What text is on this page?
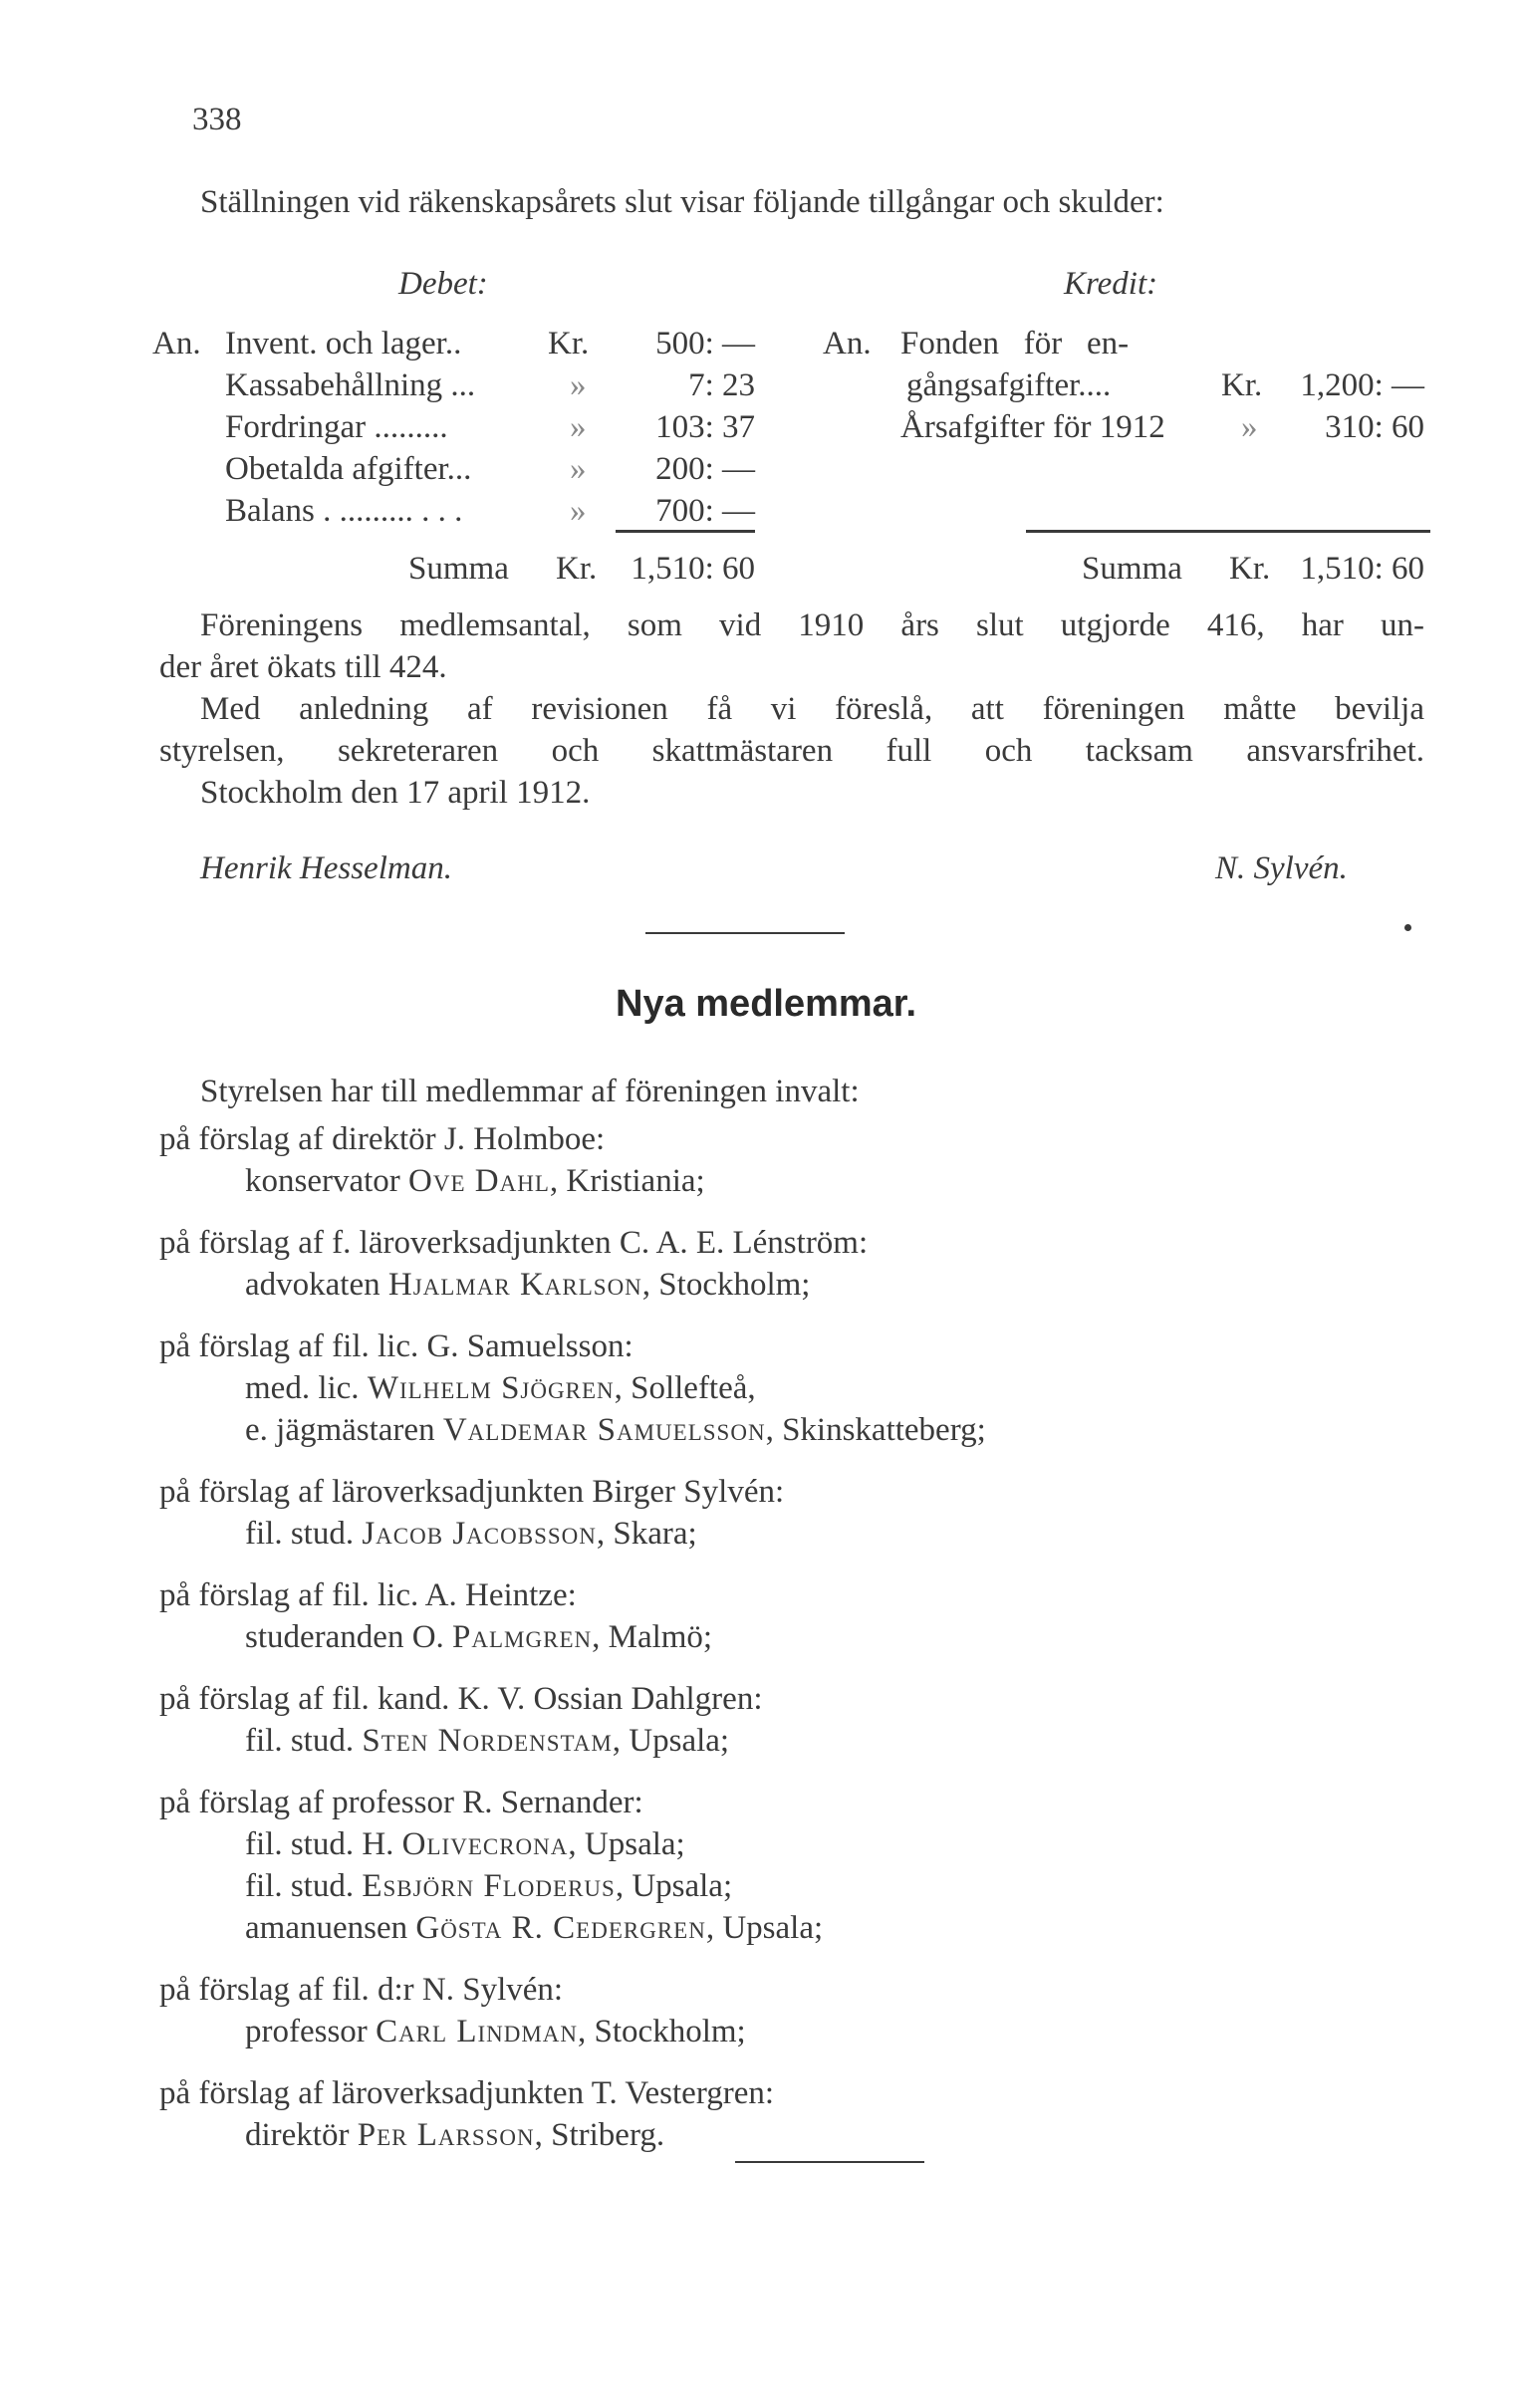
338
Ställningen vid räkenskapsårets slut visar följande tillgångar och skulder:
Debet:
An. Invent. och lager..	Kr.	500: —
Kassabehållning ...	»	7: 23
Fordringar .........	»	103: 37
Obetalda afgifter...	»	200: —
Balans . ......... . . .	»	700: —
Kredit:
An. Fonden   för   en-
gångsafgifter....	Kr.	1,200: —
Årsafgifter för 1912 »	310: 60
Summa Kr.	1,510: 60	Summa Kr. 1,510: 60
Föreningens medlemsantal, som vid 1910 års slut utgjorde 416, har un-
der året ökats till 424.
Med anledning af revisionen få vi föreslå, att föreningen måtte bevilja
styrelsen, sekreteraren och skattmästaren full och tacksam ansvarsfrihet.
Stockholm den 17 april 1912.
Henrik Hesselman.	N. Sylvén.
Nya medlemmar.
Styrelsen har till medlemmar af föreningen invalt:
på förslag af direktör J. Holmboe:
konservator Ove Dahl, Kristiania;
på förslag af f. läroverksadjunkten C. A. E. Lénström:
advokaten Hjalmar Karlson, Stockholm;
på förslag af fil. lic. G. Samuelsson:
med. lic. Wilhelm Sjögren, Sollefteå,
e. jägmästaren Valdemar Samuelsson, Skinskatteberg;
på förslag af läroverksadjunkten Birger Sylvén:
fil. stud. Jacob Jacobsson, Skara;
på förslag af fil. lic. A. Heintze:
studeranden O. Palmgren, Malmö;
på förslag af fil. kand. K. V. Ossian Dahlgren:
fil. stud. Sten Nordenstam, Upsala;
på förslag af professor R. Sernander:
fil. stud. H. Olivecrona, Upsala;
fil. stud. Esbjörn Floderus, Upsala;
amanuensen Gösta R. Cedergren, Upsala;
på förslag af fil. d:r N. Sylvén:
professor Carl Lindman, Stockholm;
på förslag af läroverksadjunkten T. Vestergren:
direktör Per Larsson, Striberg.
